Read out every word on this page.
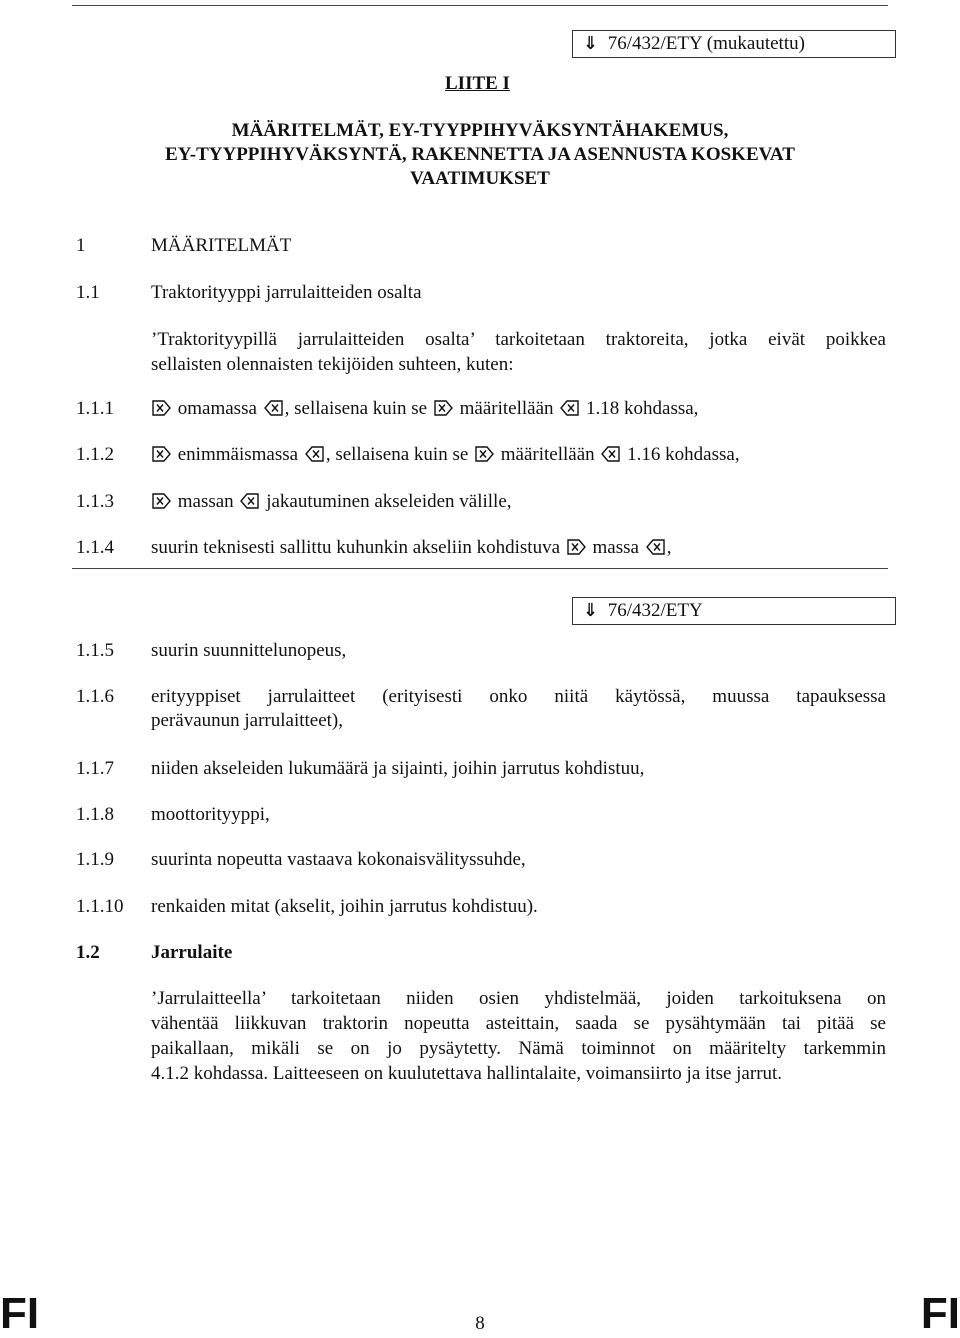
⇓ 76/432/ETY (mukautettu)
LIITE I
MÄÄRITELMÄT, EY-TYYPPIHYVÄKSYNTÄHAKEMUS,
EY-TYYPPIHYVÄKSYNTÄ, RAKENNETTA JA ASENNUSTA KOSKEVAT
VAATIMUKSET
1	MÄÄRITELMÄT
1.1	Traktorityyppi jarrulaitteiden osalta
’Traktorityypillä jarrulaitteiden osalta’ tarkoitetaan traktoreita, jotka eivät poikkea
sellaisten olennaisten tekijöiden suhteen, kuten:
1.1.1	omamassa , sellaisena kuin se määritellään 1.18 kohdassa,
1.1.2	enimmäismassa , sellaisena kuin se määritellään 1.16 kohdassa,
1.1.3	massan jakautuminen akseleiden välille,
1.1.4 suurin teknisesti sallittu kuhunkin akseliin kohdistuva massa ,
⇓ 76/432/ETY
1.1.5 suurin suunnittelunopeus,
1.1.6 erityyppiset jarrulaitteet (erityisesti onko niitä käytössä, muussa tapauksessa
perävaunun jarrulaitteet),
1.1.7 niiden akseleiden lukumäärä ja sijainti, joihin jarrutus kohdistuu,
1.1.8 moottorityyppi,
1.1.9 suurinta nopeutta vastaava kokonaisvälityssuhde,
1.1.10 renkaiden mitat (akselit, joihin jarrutus kohdistuu).
1.2	Jarrulaite
’Jarrulaitteella’ tarkoitetaan niiden osien yhdistelmää, joiden tarkoituksena on
vähentää liikkuvan traktorin nopeutta asteittain, saada se pysähtymään tai pitää se
paikallaan, mikäli se on jo pysäytetty. Nämä toiminnot on määritelty tarkemmin
4.1.2 kohdassa. Laitteeseen on kuulutettava hallintalaite, voimansiirto ja itse jarrut.
FI	8	FI
